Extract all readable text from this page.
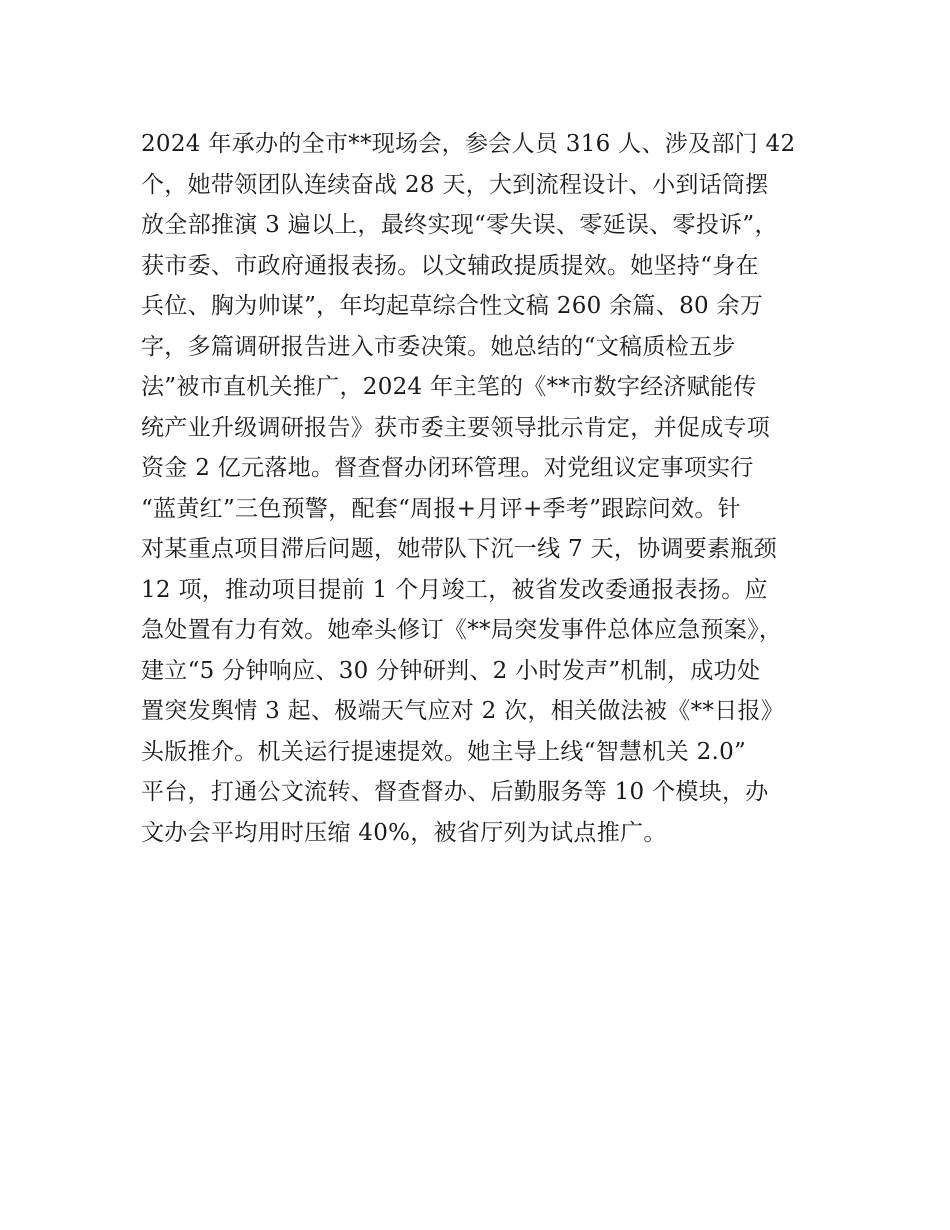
2024 年承办的全市**现场会，参会人员 316 人、涉及部门 42
个，她带领团队连续奋战 28 天，大到流程设计、小到话筒摆
放全部推演 3 遍以上，最终实现“零失误、零延误、零投诉”，
获市委、市政府通报表扬。以文辅政提质提效。她坚持“身在
兵位、胸为帅谋”，年均起草综合性文稿 260 余篇、80 余万
字，多篇调研报告进入市委决策。她总结的“文稿质检五步
法”被市直机关推广，2024 年主笔的《**市数字经济赋能传
统产业升级调研报告》获市委主要领导批示肯定，并促成专项
资金 2 亿元落地。督查督办闭环管理。对党组议定事项实行
“蓝黄红”三色预警，配套“周报+月评+季考”跟踪问效。针
对某重点项目滞后问题，她带队下沉一线 7 天，协调要素瓶颈
12 项，推动项目提前 1 个月竣工，被省发改委通报表扬。应
急处置有力有效。她牵头修订《**局突发事件总体应急预案》，
建立“5 分钟响应、30 分钟研判、2 小时发声”机制，成功处
置突发舆情 3 起、极端天气应对 2 次，相关做法被《**日报》
头版推介。机关运行提速提效。她主导上线“智慧机关 2.0”
平台，打通公文流转、督查督办、后勤服务等 10 个模块，办
文办会平均用时压缩 40%，被省厅列为试点推广。
